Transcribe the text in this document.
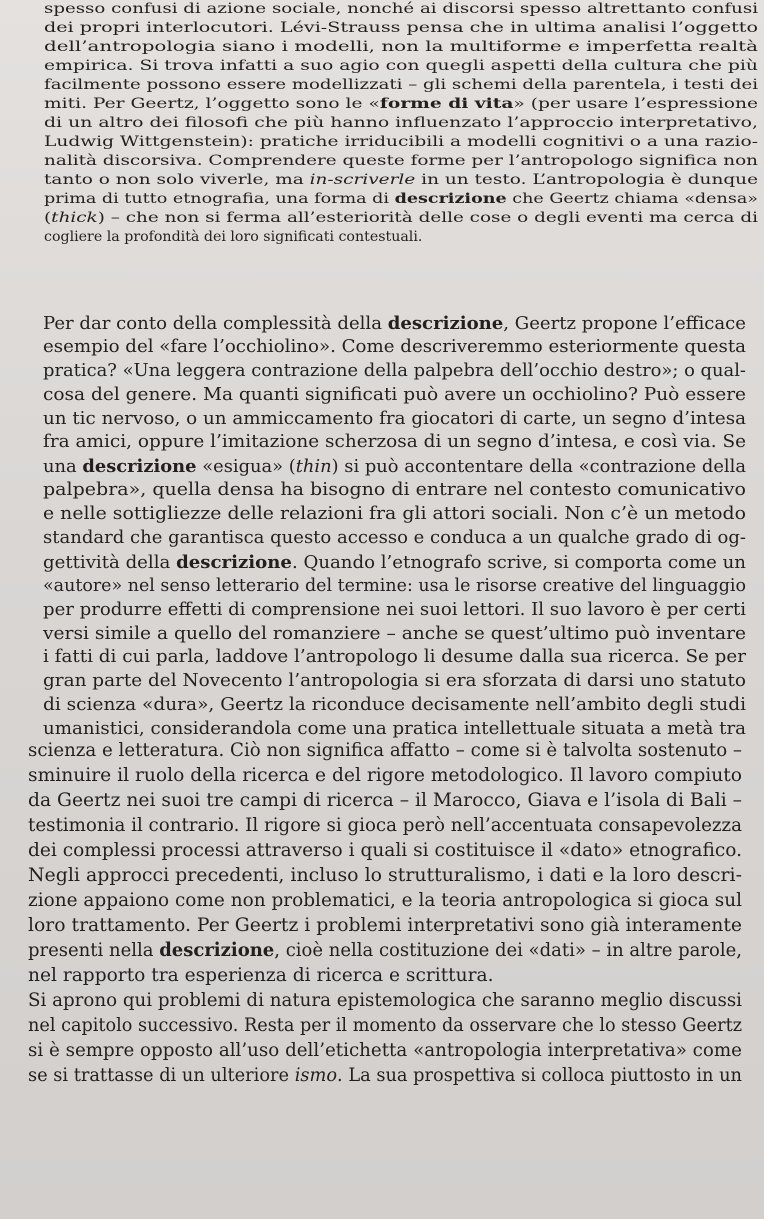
spesso confusi di azione sociale, nonché ai discorsi spesso altrettanto confusi
dei propri interlocutori. Lévi-Strauss pensa che in ultima analisi l’oggetto
dell’antropologia siano i modelli, non la multiforme e imperfetta realtà
empirica. Si trova infatti a suo agio con quegli aspetti della cultura che più
facilmente possono essere modellizzati – gli schemi della parentela, i testi dei
miti. Per Geertz, l’oggetto sono le «forme di vita» (per usare l’espressione
di un altro dei filosofi che più hanno influenzato l’approccio interpretativo,
Ludwig Wittgenstein): pratiche irriducibili a modelli cognitivi o a una razio-
nalità discorsiva. Comprendere queste forme per l’antropologo significa non
tanto o non solo viverle, ma in-scriverle in un testo. L’antropologia è dunque
prima di tutto etnografia, una forma di descrizione che Geertz chiama «densa»
(thick) – che non si ferma all’esteriorità delle cose o degli eventi ma cerca di
cogliere la profondità dei loro significati contestuali.
Per dar conto della complessità della descrizione, Geertz propone l’efficace
esempio del «fare l’occhiolino». Come descriveremmo esteriormente questa
pratica? «Una leggera contrazione della palpebra dell’occhio destro»; o qual-
cosa del genere. Ma quanti significati può avere un occhiolino? Può essere
un tic nervoso, o un ammiccamento fra giocatori di carte, un segno d’intesa
fra amici, oppure l’imitazione scherzosa di un segno d’intesa, e così via. Se
una descrizione «esigua» (thin) si può accontentare della «contrazione della
palpebra», quella densa ha bisogno di entrare nel contesto comunicativo
e nelle sottigliezze delle relazioni fra gli attori sociali. Non c’è un metodo
standard che garantisca questo accesso e conduca a un qualche grado di og-
gettività della descrizione. Quando l’etnografo scrive, si comporta come un
«autore» nel senso letterario del termine: usa le risorse creative del linguaggio
per produrre effetti di comprensione nei suoi lettori. Il suo lavoro è per certi
versi simile a quello del romanziere – anche se quest’ultimo può inventare
i fatti di cui parla, laddove l’antropologo li desume dalla sua ricerca. Se per
gran parte del Novecento l’antropologia si era sforzata di darsi uno statuto
di scienza «dura», Geertz la riconduce decisamente nell’ambito degli studi
umanistici, considerandola come una pratica intellettuale situata a metà tra
scienza e letteratura. Ciò non significa affatto – come si è talvolta sostenuto –
sminuire il ruolo della ricerca e del rigore metodologico. Il lavoro compiuto
da Geertz nei suoi tre campi di ricerca – il Marocco, Giava e l’isola di Bali –
testimonia il contrario. Il rigore si gioca però nell’accentuata consapevolezza
dei complessi processi attraverso i quali si costituisce il «dato» etnografico.
Negli approcci precedenti, incluso lo strutturalismo, i dati e la loro descri-
zione appaiono come non problematici, e la teoria antropologica si gioca sul
loro trattamento. Per Geertz i problemi interpretativi sono già interamente
presenti nella descrizione, cioè nella costituzione dei «dati» – in altre parole,
nel rapporto tra esperienza di ricerca e scrittura.
Si aprono qui problemi di natura epistemologica che saranno meglio discussi
nel capitolo successivo. Resta per il momento da osservare che lo stesso Geertz
si è sempre opposto all’uso dell’etichetta «antropologia interpretativa» come
se si trattasse di un ulteriore ismo. La sua prospettiva si colloca piuttosto in un
